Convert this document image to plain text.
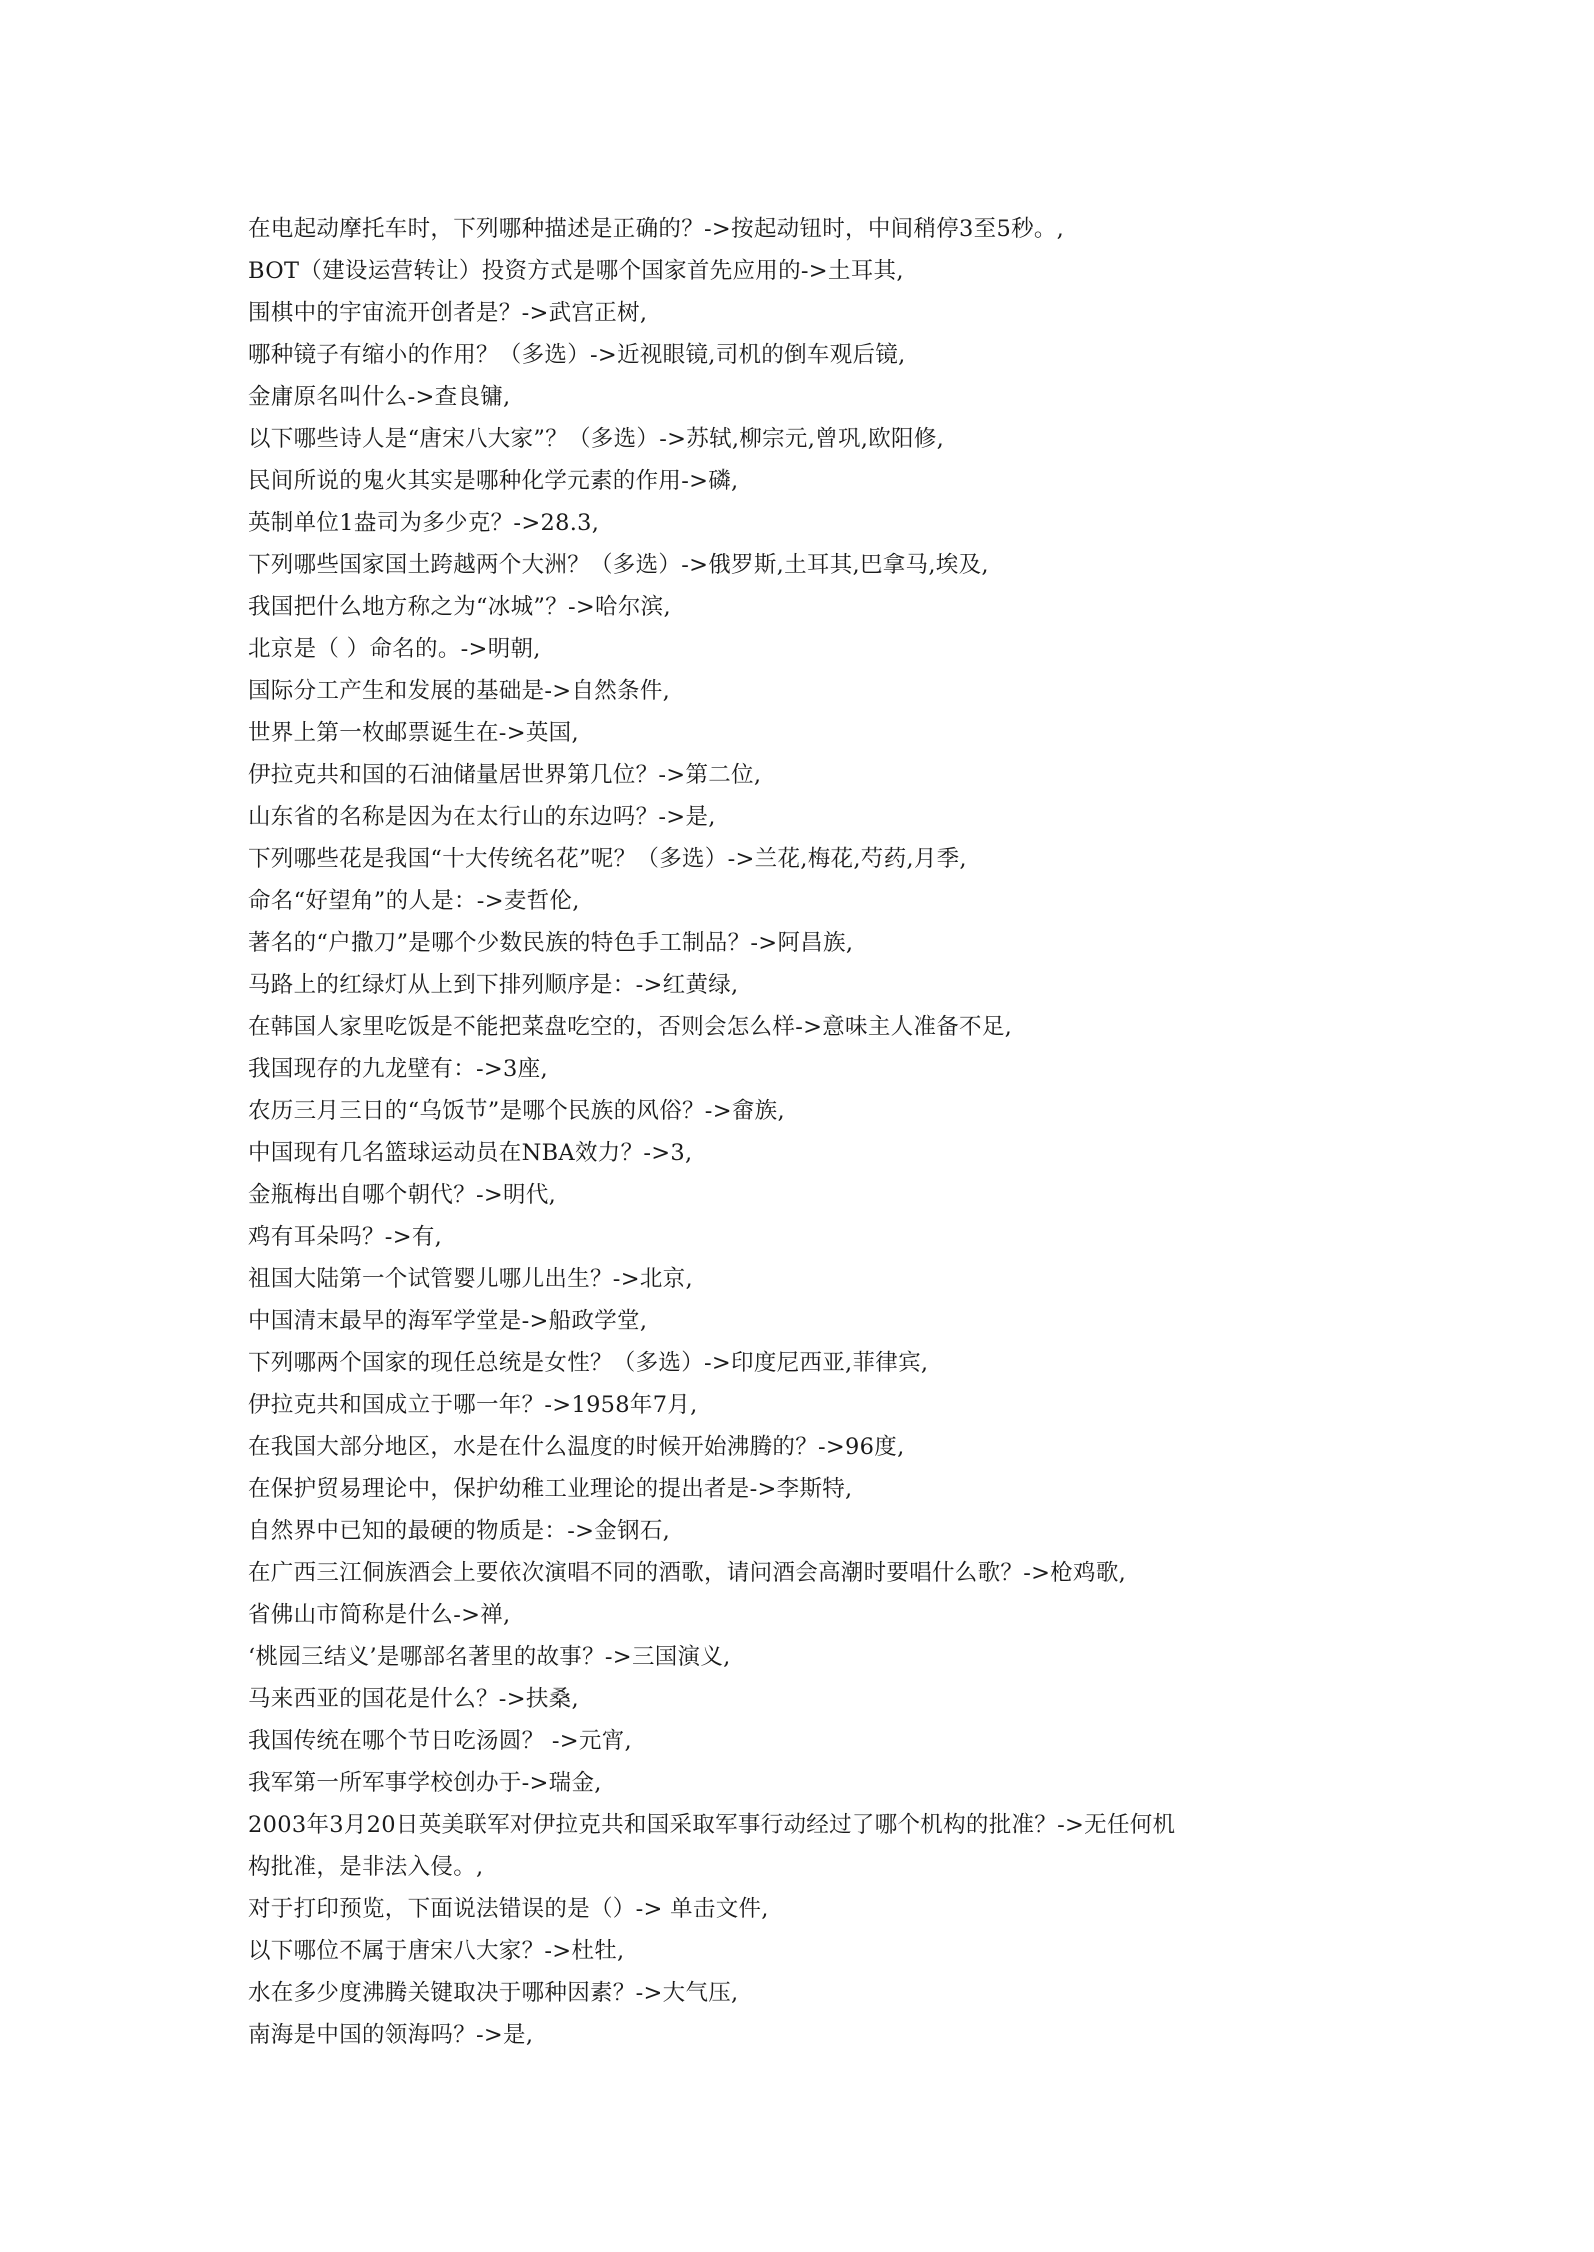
在电起动摩托车时，下列哪种描述是正确的？->按起动钮时，中间稍停3至5秒。,
BOT（建设运营转让）投资方式是哪个国家首先应用的->土耳其,
围棋中的宇宙流开创者是？->武宫正树,
哪种镜子有缩小的作用？（多选）->近视眼镜,司机的倒车观后镜,
金庸原名叫什么->查良镛,
以下哪些诗人是“唐宋八大家”？（多选）->苏轼,柳宗元,曾巩,欧阳修,
民间所说的鬼火其实是哪种化学元素的作用->磷,
英制单位1盎司为多少克？->28.3,
下列哪些国家国土跨越两个大洲？（多选）->俄罗斯,土耳其,巴拿马,埃及,
我国把什么地方称之为“冰城”？->哈尔滨,
北京是（ ）命名的。->明朝,
国际分工产生和发展的基础是->自然条件,
世界上第一枚邮票诞生在->英国,
伊拉克共和国的石油储量居世界第几位？->第二位,
山东省的名称是因为在太行山的东边吗？->是,
下列哪些花是我国“十大传统名花”呢？（多选）->兰花,梅花,芍药,月季,
命名“好望角”的人是：->麦哲伦,
著名的“户撒刀”是哪个少数民族的特色手工制品？->阿昌族,
马路上的红绿灯从上到下排列顺序是：->红黄绿,
在韩国人家里吃饭是不能把菜盘吃空的，否则会怎么样->意味主人准备不足,
我国现存的九龙壁有：->3座,
农历三月三日的“乌饭节”是哪个民族的风俗？->畲族,
中国现有几名篮球运动员在NBA效力？->3,
金瓶梅出自哪个朝代？->明代,
鸡有耳朵吗？->有,
祖国大陆第一个试管婴儿哪儿出生？->北京,
中国清末最早的海军学堂是->船政学堂,
下列哪两个国家的现任总统是女性？（多选）->印度尼西亚,菲律宾,
伊拉克共和国成立于哪一年？->1958年7月,
在我国大部分地区，水是在什么温度的时候开始沸腾的？->96度,
在保护贸易理论中，保护幼稚工业理论的提出者是->李斯特,
自然界中已知的最硬的物质是：->金钢石,
在广西三江侗族酒会上要依次演唱不同的酒歌，请问酒会高潮时要唱什么歌？->枪鸡歌,
省佛山市简称是什么->禅,
‘桃园三结义’是哪部名著里的故事？->三国演义,
马来西亚的国花是什么？->扶桑,
我国传统在哪个节日吃汤圆？ ->元宵,
我军第一所军事学校创办于->瑞金,
2003年3月20日英美联军对伊拉克共和国采取军事行动经过了哪个机构的批准？->无任何机
构批准，是非法入侵。,
对于打印预览，下面说法错误的是（）-> 单击文件,
以下哪位不属于唐宋八大家？->杜牡,
水在多少度沸腾关键取决于哪种因素？->大气压,
南海是中国的领海吗？->是,
